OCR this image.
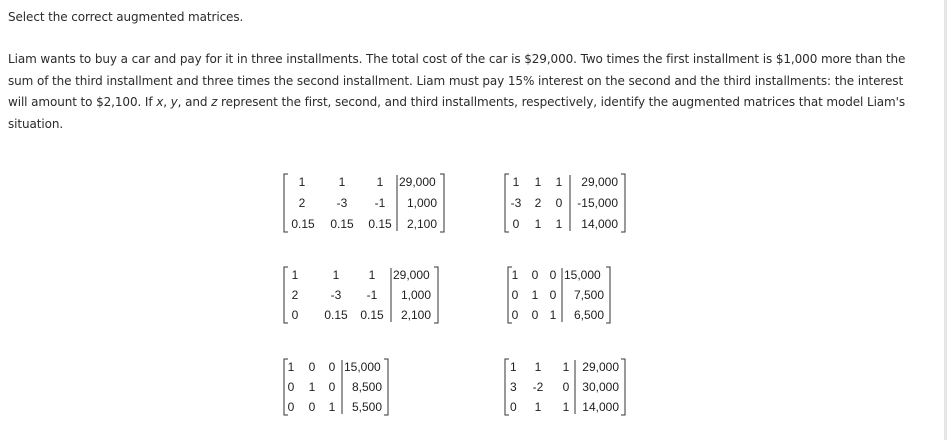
Select the correct augmented matrices.
Liam wants to buy a car and pay for it in three installments. The total cost of the car is $29,000. Two times the first installment is $1,000 more than the sum of the third installment and three times the second installment. Liam must pay 15% interest on the second and the third installments: the interest will amount to $2,100. If x, y, and z represent the first, second, and third installments, respectively, identify the augmented matrices that model Liam's situation.
1	1	1 29,000
2	-3 -1 1,000
0.15 0.15 0.15 2,100
1 1 1 29,000
-3 2 0 -15,000
0 1 1 14,000
1	1 1 29,000
2	-3 -1 1,000
0 0.15 0.15 2,100
1 0 0 15,000
0 1 0 7,500
0 0 1 6,500
1 0 0 15,000
0 1 0 8,500
0 0 1 5,500
1 1 1 29,000
3 -2 0 30,000
0 1 1 14,000
